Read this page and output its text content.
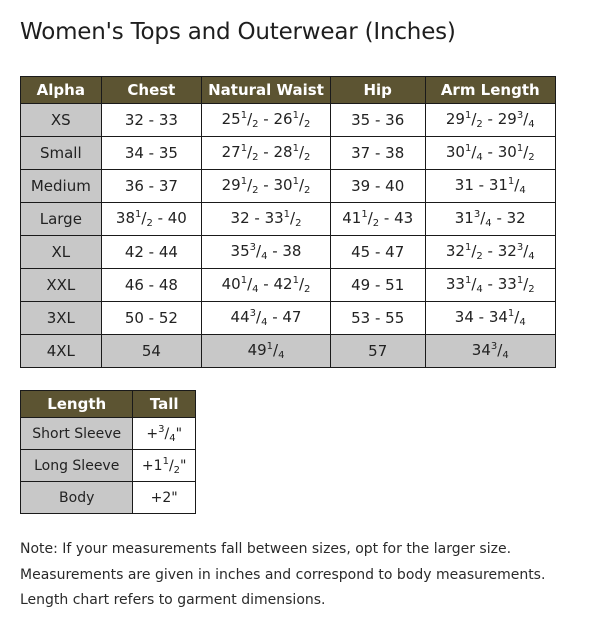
Women's Tops and Outerwear (Inches)
Alpha	Chest	Natural Waist	Hip	Arm Length
XS	32 - 33	$25^1/_2 - 26^1/_2$	35 - 36	$29^1/_2 - 29^3/_4$
Small	34 - 35	$27^1/_2 - 28^1/_2$	37 - 38	$30^1/_4 - 30^1/_2$
Medium	36 - 37	$29^1/_2 - 30^1/_2$	39 - 40	$31 - 31^1/_4$
Large	$38^1/_2 - 40$	$32 - 33^1/_2$	$41^1/_2 - 43$	$31^3/_4 - 32$
XL	42 - 44	$35^3/_4 - 38$	45 - 47	$32^1/_2 - 32^3/_4$
XXL	46 - 48	$40^1/_4 - 42^1/_2$	49 - 51	$33^1/_4 - 33^1/_2$
3XL	50 - 52	$44^3/_4 - 47$	53 - 55	$34 - 34^1/_4$
4XL	54	$49^1/_4$	57	$34^3/_4$
Length	Tall
Short Sleeve	$+^3/_4$"
Long Sleeve	$+1^1/_2$"
Body	+2"
Note: If your measurements fall between sizes, opt for the larger size.
Measurements are given in inches and correspond to body measurements.
Length chart refers to garment dimensions.
